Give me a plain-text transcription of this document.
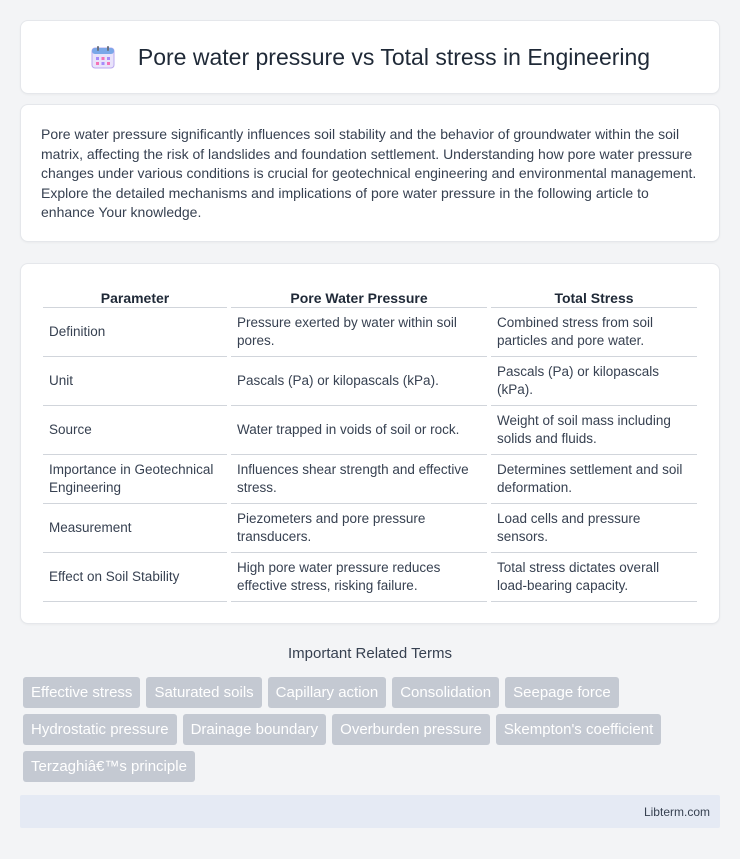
Pore water pressure vs Total stress in Engineering

Pore water pressure significantly influences soil stability and the behavior of groundwater within the soil matrix, affecting the risk of landslides and foundation settlement. Understanding how pore water pressure changes under various conditions is crucial for geotechnical engineering and environmental management. Explore the detailed mechanisms and implications of pore water pressure in the following article to enhance Your knowledge.

Parameter	Pore Water Pressure	Total Stress
Definition	Pressure exerted by water within soil pores.	Combined stress from soil particles and pore water.
Unit	Pascals (Pa) or kilopascals (kPa).	Pascals (Pa) or kilopascals (kPa).
Source	Water trapped in voids of soil or rock.	Weight of soil mass including solids and fluids.
Importance in Geotechnical Engineering	Influences shear strength and effective stress.	Determines settlement and soil deformation.
Measurement	Piezometers and pore pressure transducers.	Load cells and pressure sensors.
Effect on Soil Stability	High pore water pressure reduces effective stress, risking failure.	Total stress dictates overall load-bearing capacity.
Important Related Terms
Effective stress	Saturated soils	Capillary action	Consolidation	Seepage force
Hydrostatic pressure	Drainage boundary	Overburden pressure	Skempton's coefficient
Terzaghiâ€™s principle
Libterm.com
